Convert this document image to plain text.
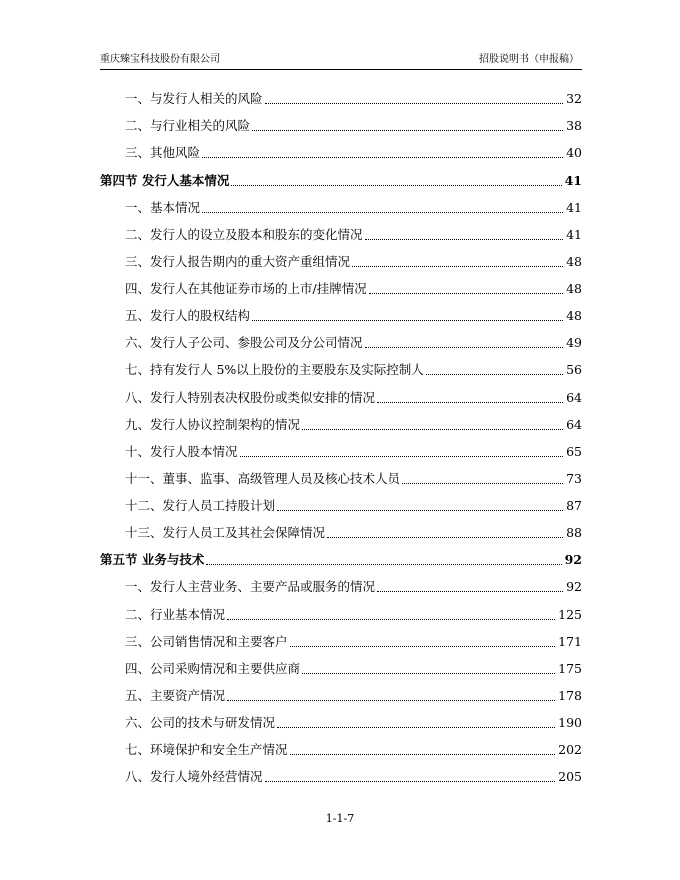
重庆臻宝科技股份有限公司	招股说明书（申报稿）
一、与发行人相关的风险	32
二、与行业相关的风险	38
三、其他风险	40
第四节 发行人基本情况	41
一、基本情况	41
二、发行人的设立及股本和股东的变化情况	41
三、发行人报告期内的重大资产重组情况	48
四、发行人在其他证券市场的上市/挂牌情况	48
五、发行人的股权结构	48
六、发行人子公司、参股公司及分公司情况	49
七、持有发行人 5%以上股份的主要股东及实际控制人	56
八、发行人特别表决权股份或类似安排的情况	64
九、发行人协议控制架构的情况	64
十、发行人股本情况	65
十一、董事、监事、高级管理人员及核心技术人员	73
十二、发行人员工持股计划	87
十三、发行人员工及其社会保障情况	88
第五节 业务与技术	92
一、发行人主营业务、主要产品或服务的情况	92
二、行业基本情况	125
三、公司销售情况和主要客户	171
四、公司采购情况和主要供应商	175
五、主要资产情况	178
六、公司的技术与研发情况	190
七、环境保护和安全生产情况	202
八、发行人境外经营情况	205
1-1-7
